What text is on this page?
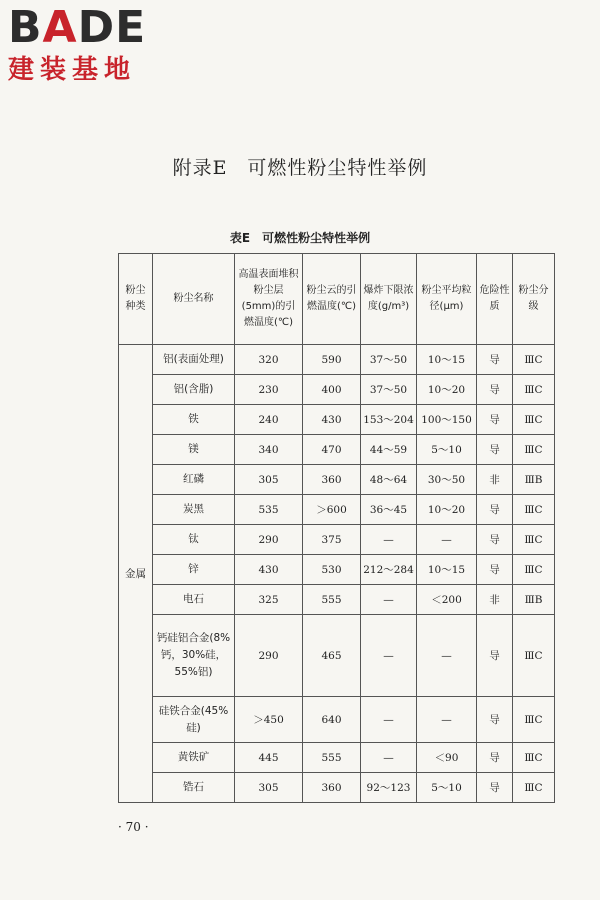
BADE
建装基地
附录E　可燃性粉尘特性举例
表E　可燃性粉尘特性举例
粉尘种类	粉尘名称	高温表面堆积粉尘层(5mm)的引燃温度(℃)	粉尘云的引燃温度(℃)	爆炸下限浓度(g/m³)	粉尘平均粒径(μm)	危险性质	粉尘分级
金属	铝(表面处理)	320	590	37～50	10～15	导	ⅢC
	铝(含脂)	230	400	37～50	10～20	导	ⅢC
	铁	240	430	153～204	100～150	导	ⅢC
	镁	340	470	44～59	5～10	导	ⅢC
	红磷	305	360	48～64	30～50	非	ⅢB
	炭黑	535	＞600	36～45	10～20	导	ⅢC
	钛	290	375	—	—	导	ⅢC
	锌	430	530	212～284	10～15	导	ⅢC
	电石	325	555	—	＜200	非	ⅢB
	钙硅铝合金(8%钙，30%硅，55%铝)	290	465	—	—	导	ⅢC
	硅铁合金(45%硅)	＞450	640	—	—	导	ⅢC
	黄铁矿	445	555	—	＜90	导	ⅢC
	锆石	305	360	92～123	5～10	导	ⅢC
· 70 ·
